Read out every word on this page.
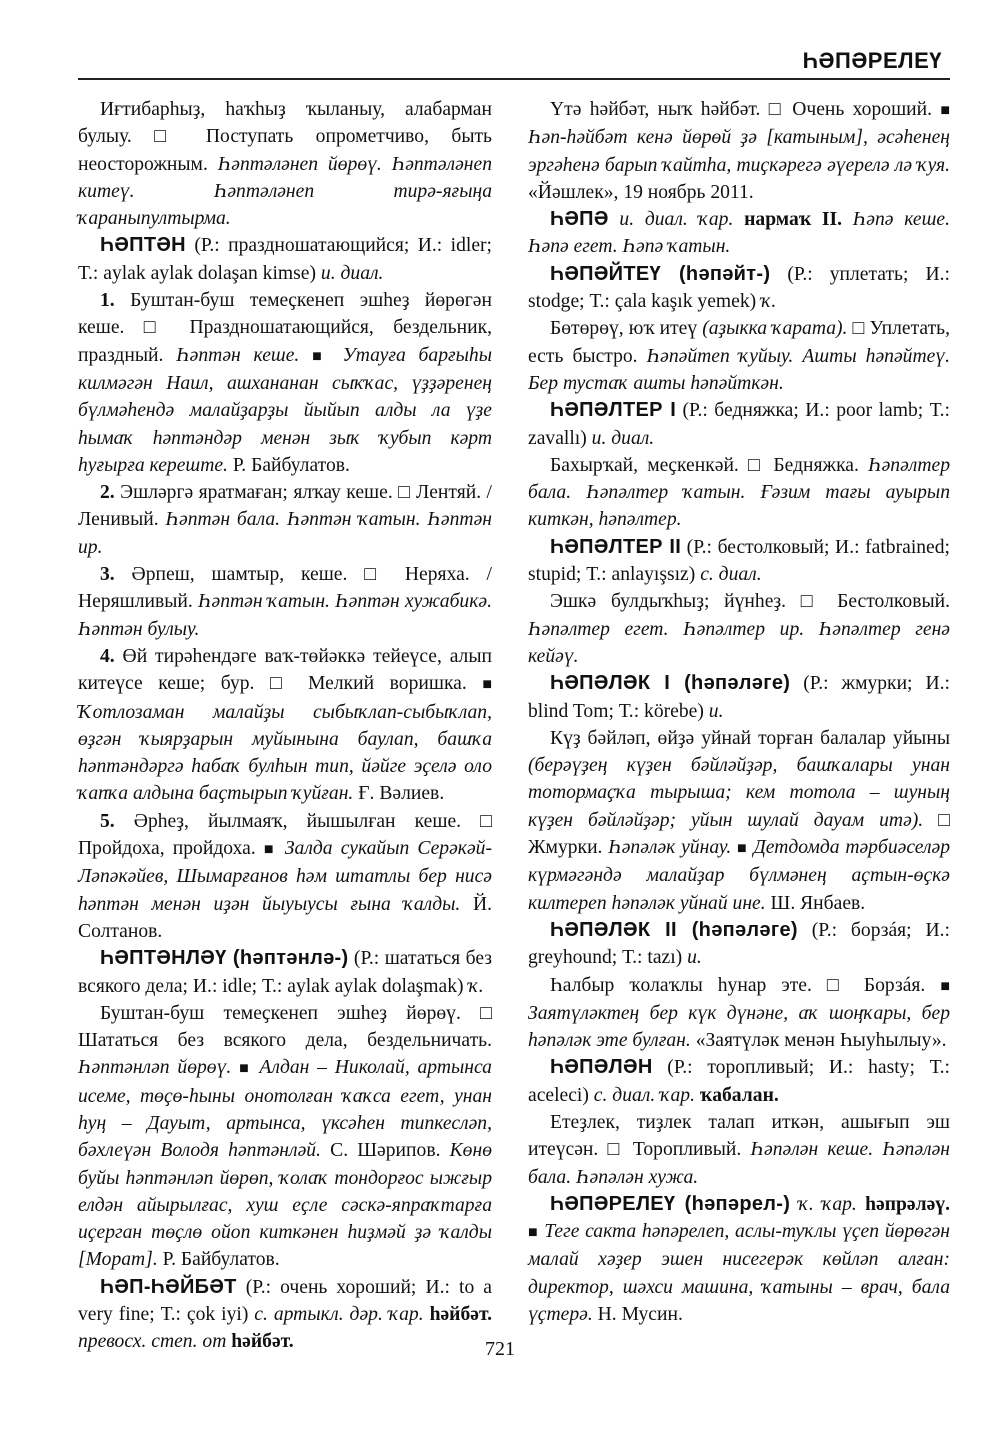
ҺӘПӘРЕЛЕҮ

Иғтибарһыҙ, һаҡһыҙ ҡыланыу, алабарман булыу. □ Поступать опрометчиво, быть неосторожным. Һәптәләнеп йөрөү. Һәптәләнеп китеү. Һәптәләнеп тирә-яғыңа ҡараныпултырма.

ҺӘПТӘН (Р.: праздношатающийся; И.: idler; Т.: aylak aylak dolaşan kimse) и. диал.

1. Буштан-буш темеҫкенеп эшһеҙ йөрөгән кеше. □ Праздношатающийся, бездельник, праздный. Һәптән кеше. ■ Утауға барғыһы килмәгән Наил, ашхананан сыҡҡас, үҙҙәренең бүлмәһендә малайҙарҙы йыйып алды ла үҙе һымаҡ һәптәндәр менән зыҡ ҡубып кәрт һуғырға кереште. Р. Байбулатов.

2. Эшләргә яратмаған; ялҡау кеше. □ Лентяй. / Ленивый. Һәптән бала. Һәптән ҡатын. Һәптән ир.

3. Әрпеш, шамтыр, кеше. □ Неряха. /Неряшливый. Һәптән ҡатын. Һәптән хужабикә. Һәптән булыу.

4. Өй тирәһендәге ваҡ-төйәккә тейеүсе, алып китеүсе кеше; бур. □ Мелкий воришка. ■ Ҡотлозаман малайҙы сыбыҡлап-сыбыҡлап, өҙгән ҡыярҙарын муйынына баулап, башҡа һәптәндәргә һабаҡ булһын тип, йәйге эҫелә оло ҡапҡа алдына баҫтырып ҡуйған. Ғ. Вәлиев.

5. Әрһеҙ, йылмаяҡ, йышылған кеше. □ Пройдоха, пройдоха. ■ Залда сукайып Серәкәй-Ләпәкәйев, Шымарғанов һәм штатлы бер нисә һәптән менән иҙән йыуыусы ғына ҡалды. Й. Солтанов.

ҺӘПТӘНЛӘҮ (һәптәнлә-) (Р.: шататься без всякого дела; И.: idle; Т.: aylak aylak dolaşmak) ҡ.

Буштан-буш темеҫкенеп эшһеҙ йөрөү. □ Шататься без всякого дела, бездельничать. Һәптәнләп йөрөү. ■ Алдан – Николай, артынса исеме, төҫө-һыны онотолған ҡаҡса егет, унан һуң – Дауыт, артынса, үксәһен типкесләп, бәхлеүән Володя һәптәнләй. С. Шәрипов. Көнө буйы һәптәнләп йөрөп, ҡолаҡ тондорғос ыжғыр елдән айырылғас, хуш еҫле сәскә-япраҡтарға иҫерган төҫлө ойоп киткәнен һиҙмәй ҙә ҡалды [Морат]. Р. Байбулатов.

ҺӘП-ҺӘЙБӘТ (Р.: очень хороший; И.: to a very fine; Т.: çok iyi) с. артыкл. дәр. ҡар. һәйбәт. превосх. степ. от һәйбәт.

Үтә һәйбәт, ныҡ һәйбәт. □ Очень хороший. ■ Һәп-һәйбәт кенә йөрөй ҙә [катыным], әсәһенең эргәһенә барып ҡайтһа, тиҫкәрегә әүерелә лә ҡуя. «Йәшлек», 19 ноябрь 2011.

ҺӘПӘ и. диал. ҡар. нармаҡ II. Һәпә кеше. Һәпә егет. Һәпә ҡатын.

ҺӘПӘЙТЕҮ (һәпәйт-) (Р.: уплетать; И.: stodge; Т.: çala kaşık yemek) ҡ.

Бөтөрөү, юҡ итеү (аҙыкка ҡарата). □ Уплетать, есть быстро. Һәпәйтеп ҡуйыу. Ашты һәпәйтеү. Бер тустаҡ ашты һәпәйткән.

ҺӘПӘЛТЕР I (Р.: бедняжка; И.: poor lamb; Т.: zavallı) и. диал.

Бахырҡай, меҫкенкәй. □ Бедняжка. Һәпәлтер бала. Һәпәлтер ҡатын. Ғәзим тағы ауырып киткән, һәпәлтер.

ҺӘПӘЛТЕР II (Р.: бестолковый; И.: fatbrained; stupid; Т.: anlayışsız) с. диал.

Эшкә булдыҡһыҙ; йүнһеҙ. □ Бестолковый. Һәпәлтер егет. Һәпәлтер ир. Һәпәлтер генә кейәү.

ҺӘПӘЛӘК I (һәпәләге) (Р.: жмурки; И.: blind Tom; Т.: körebe) и.

Күҙ бәйләп, өйҙә уйнай торған балалар уйыны (берәүҙең күҙен бәйләйҙәр, башҡалары унан тотормаҫҡа тырыша; кем тотола – шуның күҙен бәйләйҙәр; уйын шулай дауам итә). □ Жмурки. Һәпәләк уйнау. ■ Детдомда тәрбиәселәр күрмәгәндә малайҙар бүлмәнең аҫтын-өҫкә килтереп һәпәләк уйнай ине. Ш. Янбаев.

ҺӘПӘЛӘК II (һәпәләге) (Р.: борзáя; И.: greyhound; Т.: tazı) и.

Һалбыр ҡолаҡлы һунар эте. □ Борзáя. ■ Заятүләктең бер күк дүнәне, аҡ шоңҡары, бер һәпәләк эте булған. «Заятүләк менән Һыуһылыу».

ҺӘПӘЛӘН (Р.: торопливый; И.: hasty; Т.: aceleci) с. диал. ҡар. ҡабалан.

Етеҙлек, тиҙлек талап иткән, ашығып эш итеүсән. □ Торопливый. Һәпәлән кеше. Һәпәлән бала. Һәпәлән хужа.

ҺӘПӘРЕЛЕҮ (һәпәрел-) ҡ. ҡар. һәпрәләү. ■ Теге сакта һәпәрелеп, аслы-туҡлы үҫеп йөрөгән малай хәҙер эшен нисегерәк көйләп алған: директор, шәхси машина, ҡатыны – врач, бала үҫтерә. Н. Мусин.

721
